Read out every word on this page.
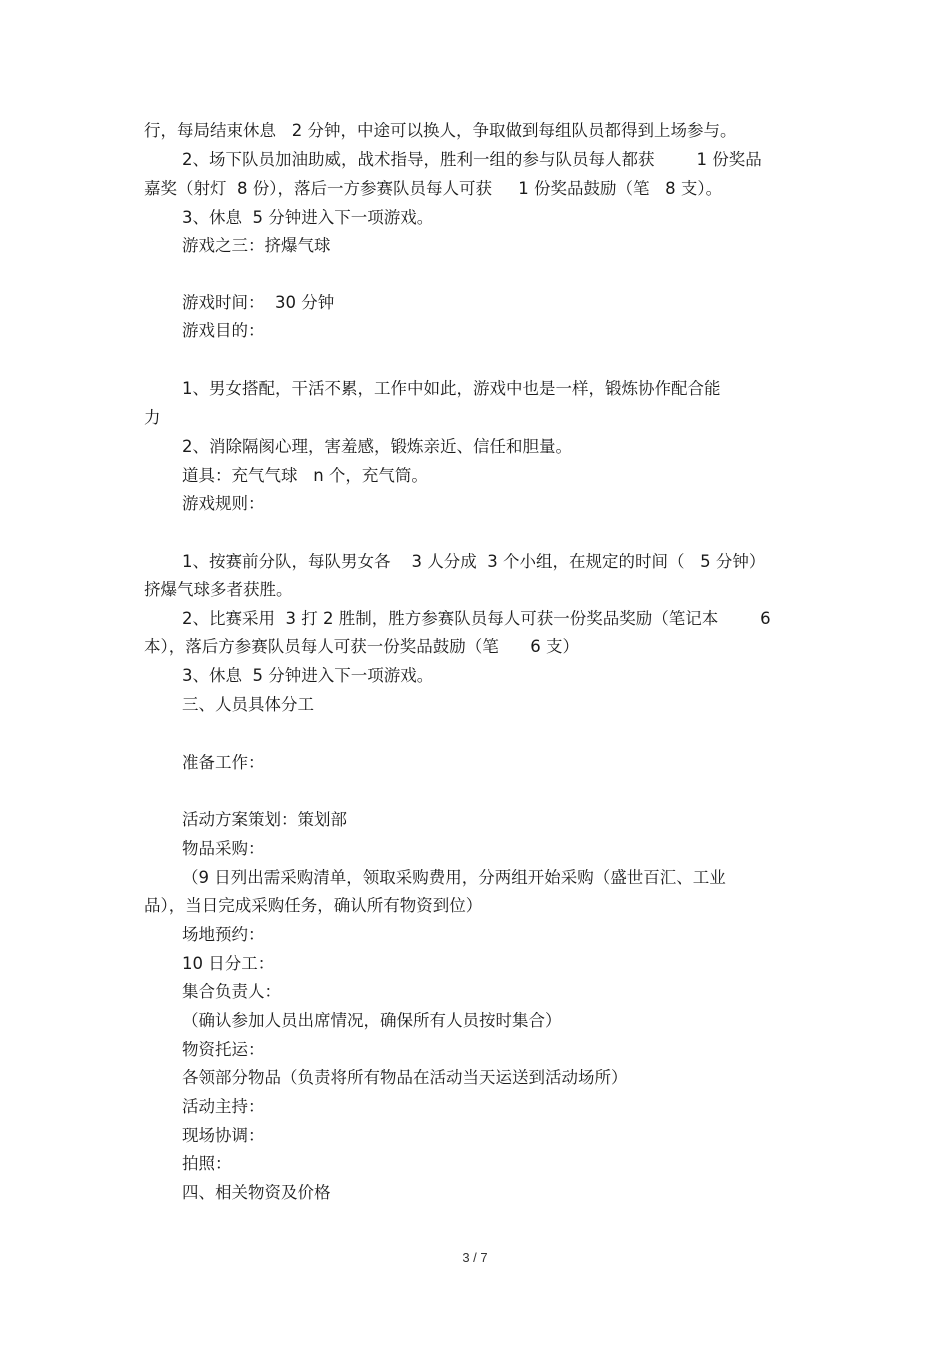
行，每局结束休息   2 分钟，中途可以换人，争取做到每组队员都得到上场参与。
2、场下队员加油助威，战术指导，胜利一组的参与队员每人都获        1 份奖品
嘉奖（射灯  8 份），落后一方参赛队员每人可获     1 份奖品鼓励（笔   8 支）。
3、休息  5 分钟进入下一项游戏。
游戏之三：挤爆气球
游戏时间：  30 分钟
游戏目的：
1、男女搭配，干活不累，工作中如此，游戏中也是一样，锻炼协作配合能
力
2、消除隔阂心理，害羞感，锻炼亲近、信任和胆量。
道具：充气气球   n 个，充气筒。
游戏规则：
1、按赛前分队，每队男女各    3 人分成  3 个小组，在规定的时间（   5 分钟）
挤爆气球多者获胜。
2、比赛采用  3 打 2 胜制，胜方参赛队员每人可获一份奖品奖励（笔记本        6
本），落后方参赛队员每人可获一份奖品鼓励（笔      6 支）
3、休息  5 分钟进入下一项游戏。
三、人员具体分工
准备工作：
活动方案策划：策划部
物品采购：
（9 日列出需采购清单，领取采购费用，分两组开始采购（盛世百汇、工业
品），当日完成采购任务，确认所有物资到位）
场地预约：
10 日分工：
集合负责人：
（确认参加人员出席情况，确保所有人员按时集合）
物资托运：
各领部分物品（负责将所有物品在活动当天运送到活动场所）
活动主持：
现场协调：
拍照：
四、相关物资及价格
3 / 7
